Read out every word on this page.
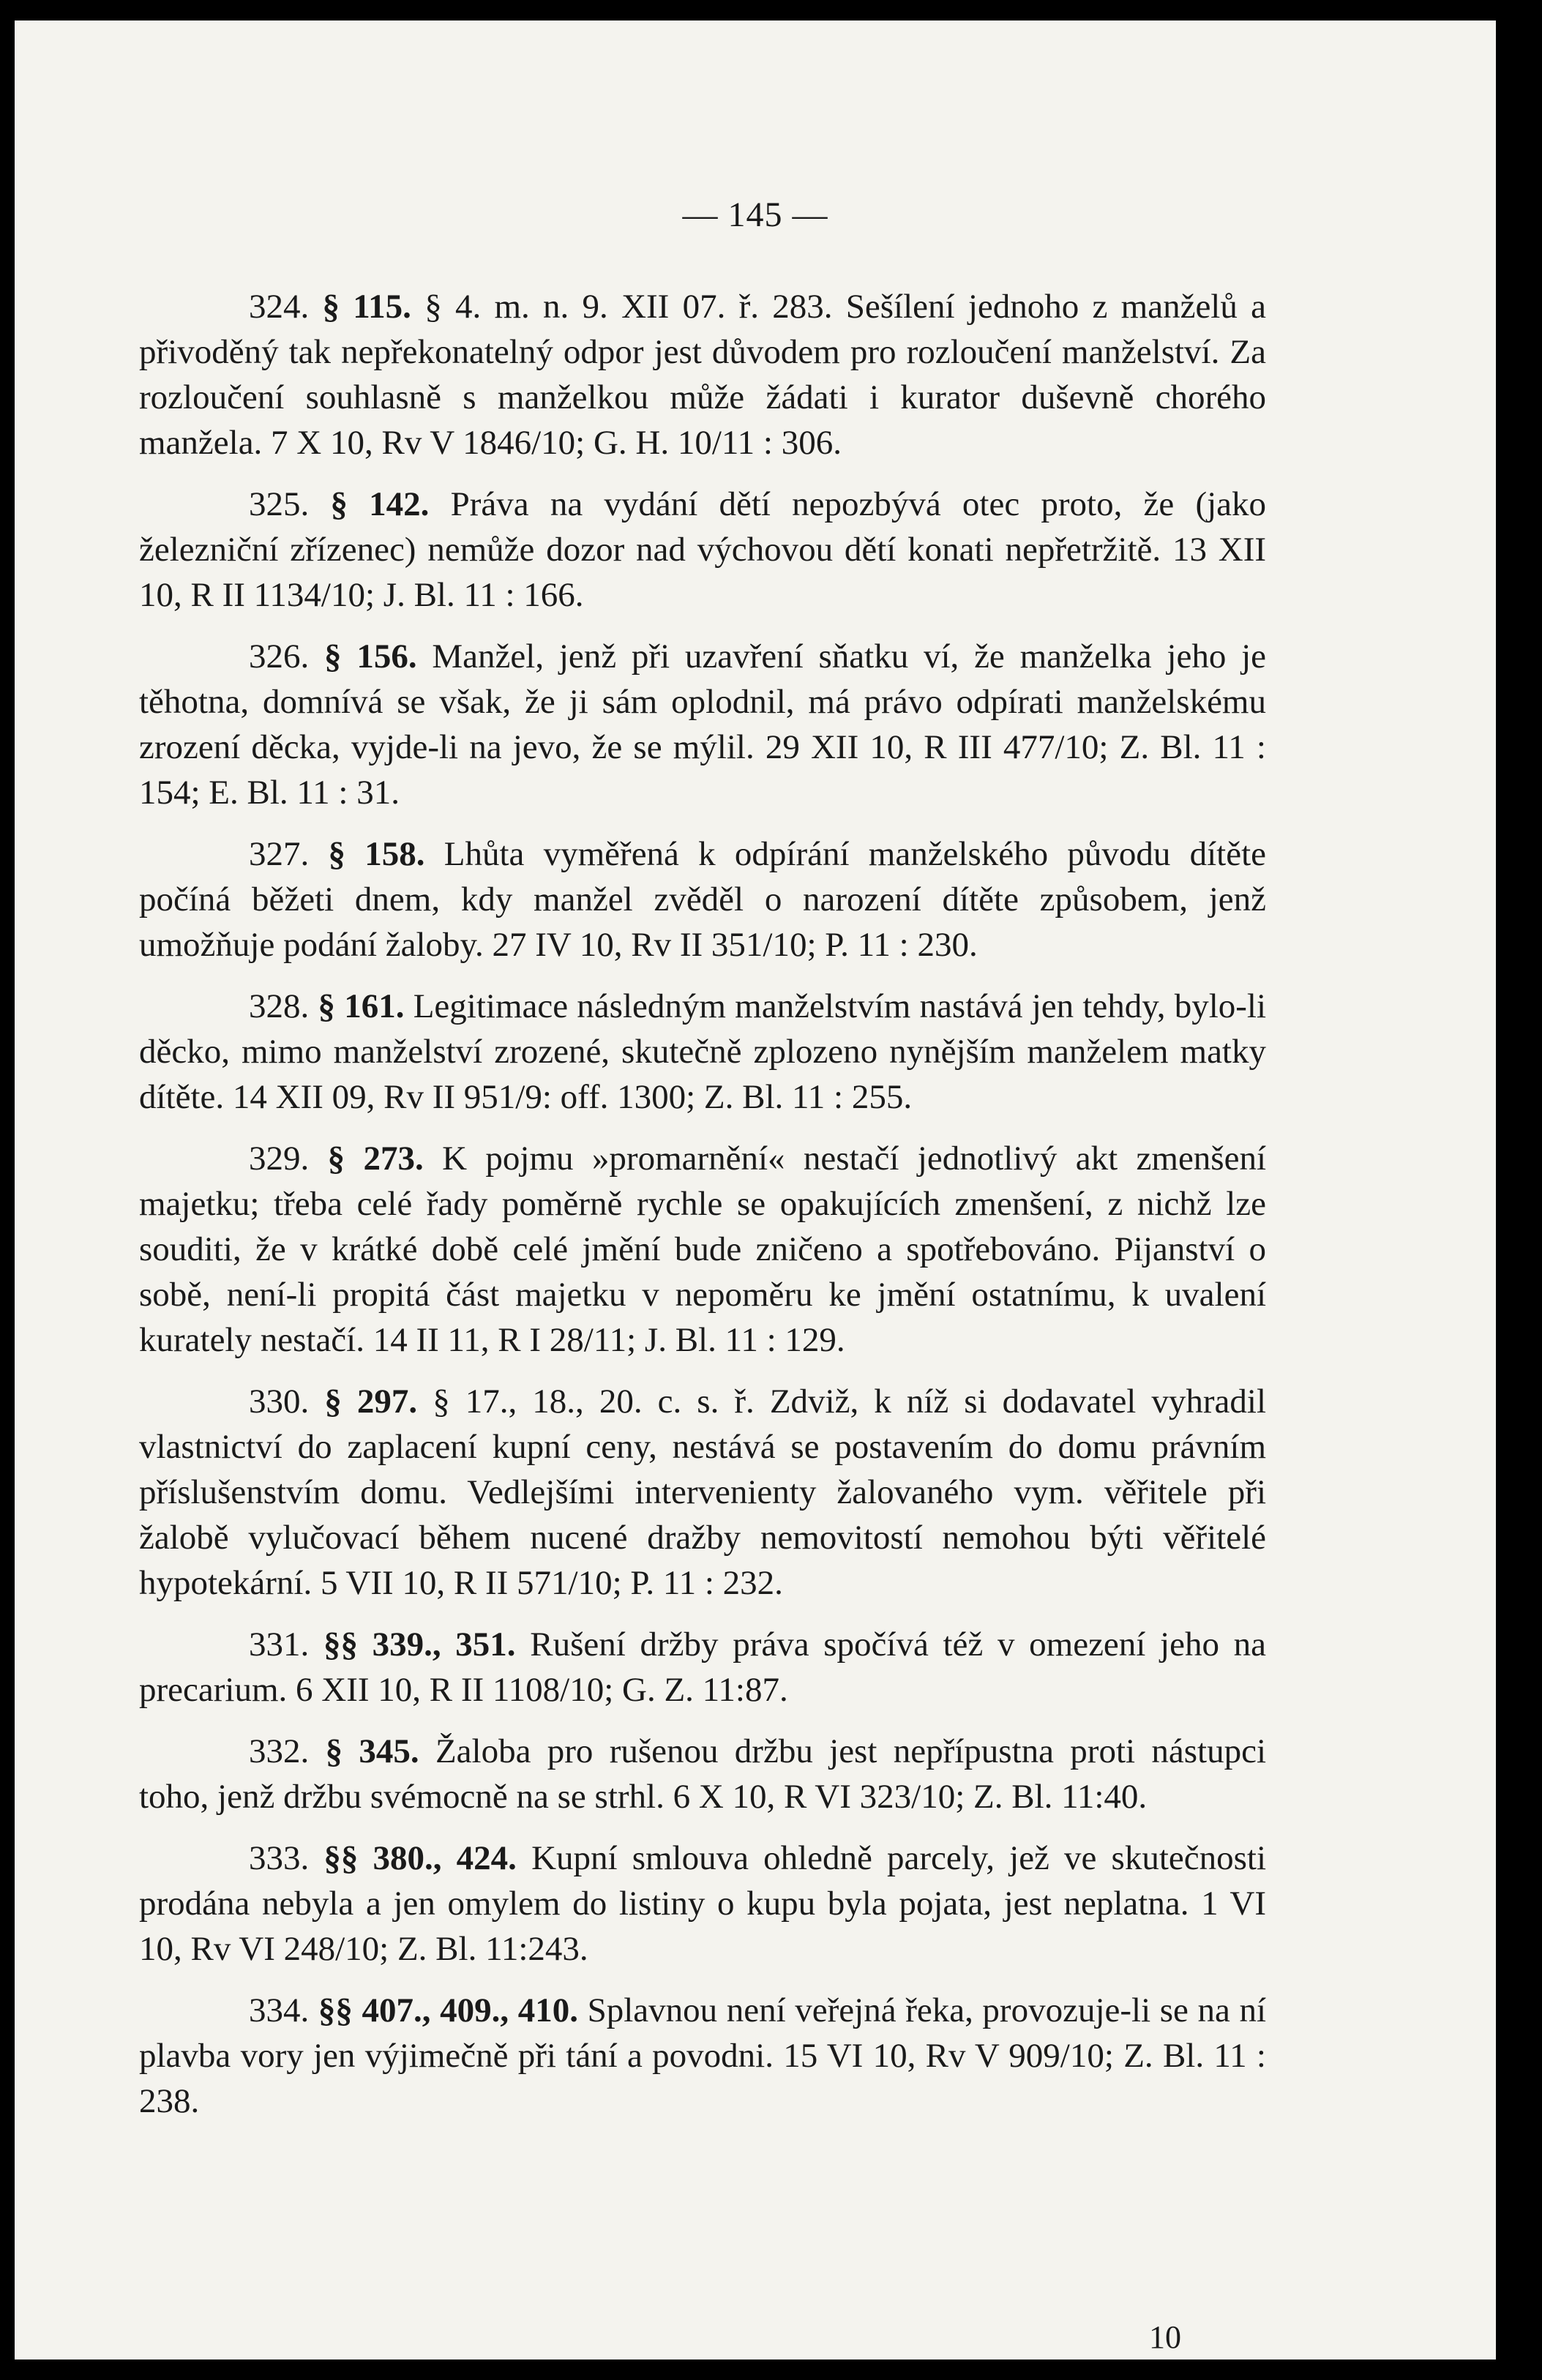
— 145 —

324. § 115. § 4. m. n. 9. XII 07. ř. 283. Sešílení jednoho z manželů a přivoděný tak nepřekonatelný odpor jest důvodem pro rozloučení manželství. Za rozloučení souhlasně s manželkou může žádati i kurator duševně chorého manžela. 7 X 10, Rv V 1846/10; G. H. 10/11 : 306.

325. § 142. Práva na vydání dětí nepozbývá otec proto, že (jako železniční zřízenec) nemůže dozor nad výchovou dětí konati nepřetržitě. 13 XII 10, R II 1134/10; J. Bl. 11 : 166.

326. § 156. Manžel, jenž při uzavření sňatku ví, že manželka jeho je těhotna, domnívá se však, že ji sám oplodnil, má právo odpírati manželskému zrození děcka, vyjde-li na jevo, že se mýlil. 29 XII 10, R III 477/10; Z. Bl. 11 : 154; E. Bl. 11 : 31.

327. § 158. Lhůta vyměřená k odpírání manželského původu dítěte počíná běžeti dnem, kdy manžel zvěděl o narození dítěte způsobem, jenž umožňuje podání žaloby. 27 IV 10, Rv II 351/10; P. 11 : 230.

328. § 161. Legitimace následným manželstvím nastává jen tehdy, bylo-li děcko, mimo manželství zrozené, skutečně zplozeno nynějším manželem matky dítěte. 14 XII 09, Rv II 951/9: off. 1300; Z. Bl. 11 : 255.

329. § 273. K pojmu »promarnění« nestačí jednotlivý akt zmenšení majetku; třeba celé řady poměrně rychle se opakujících zmenšení, z nichž lze souditi, že v krátké době celé jmění bude zničeno a spotřebováno. Pijanství o sobě, není-li propitá část majetku v nepoměru ke jmění ostatnímu, k uvalení kurately nestačí. 14 II 11, R I 28/11; J. Bl. 11 : 129.

330. § 297. § 17., 18., 20. c. s. ř. Zdviž, k níž si dodavatel vyhradil vlastnictví do zaplacení kupní ceny, nestává se postavením do domu právním příslušenstvím domu. Vedlejšími intervenienty žalovaného vym. věřitele při žalobě vylučovací během nucené dražby nemovitostí nemohou býti věřitelé hypotekární. 5 VII 10, R II 571/10; P. 11 : 232.

331. §§ 339., 351. Rušení držby práva spočívá též v omezení jeho na precarium. 6 XII 10, R II 1108/10; G. Z. 11:87.

332. § 345. Žaloba pro rušenou držbu jest nepřípustna proti nástupci toho, jenž držbu svémocně na se strhl. 6 X 10, R VI 323/10; Z. Bl. 11:40.

333. §§ 380., 424. Kupní smlouva ohledně parcely, jež ve skutečnosti prodána nebyla a jen omylem do listiny o kupu byla pojata, jest neplatna. 1 VI 10, Rv VI 248/10; Z. Bl. 11:243.

334. §§ 407., 409., 410. Splavnou není veřejná řeka, provozuje-li se na ní plavba vory jen výjimečně při tání a povodni. 15 VI 10, Rv V 909/10; Z. Bl. 11 : 238.

10
